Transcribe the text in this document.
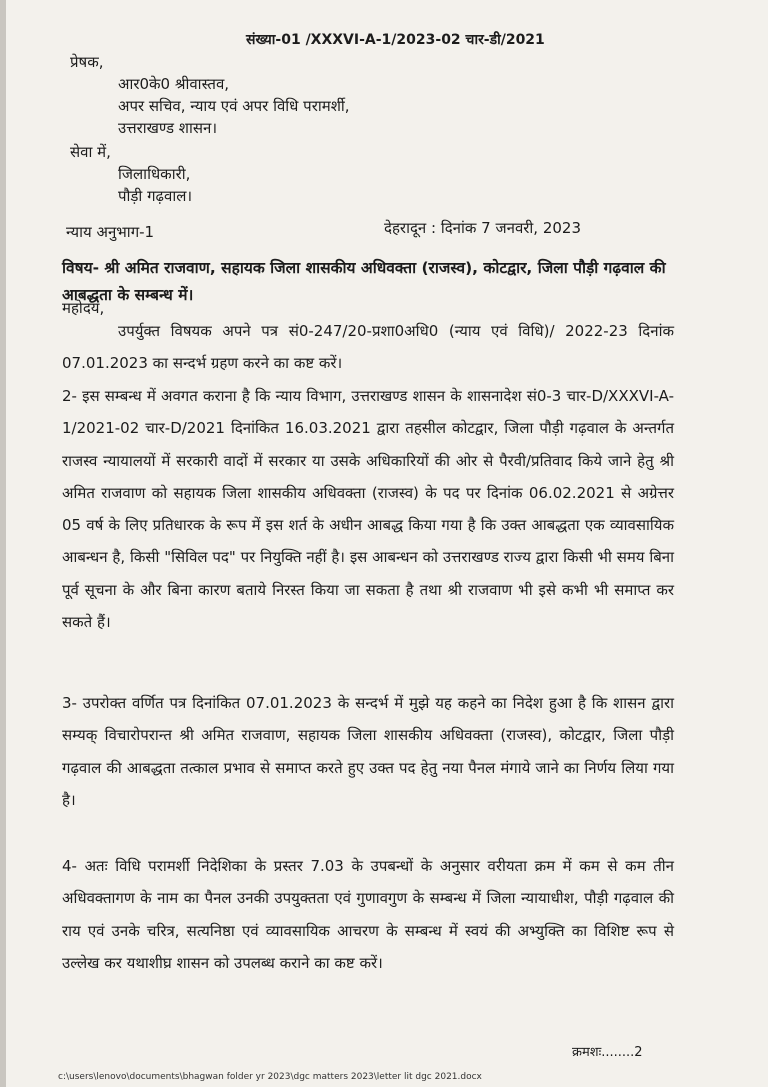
संख्या-01 /XXXVI-A-1/2023-02 चार-डी/2021
प्रेषक,
आर0के0 श्रीवास्तव,
अपर सचिव, न्याय एवं अपर विधि परामर्शी,
उत्तराखण्ड शासन।
सेवा में,
जिलाधिकारी,
पौड़ी गढ़वाल।
न्याय अनुभाग-1	देहरादून : दिनांक 7 जनवरी, 2023
विषय- श्री अमित राजवाण, सहायक जिला शासकीय अधिवक्ता (राजस्व), कोटद्वार, जिला पौड़ी गढ़वाल की आबद्धता के सम्बन्ध में।
महोदय,
उपर्युक्त विषयक अपने पत्र सं0-247/20-प्रशा0अधि0 (न्याय एवं विधि)/ 2022-23 दिनांक 07.01.2023 का सन्दर्भ ग्रहण करने का कष्ट करें।
2- इस सम्बन्ध में अवगत कराना है कि न्याय विभाग, उत्तराखण्ड शासन के शासनादेश सं0-3 चार-D/XXXVI-A-1/2021-02 चार-D/2021 दिनांकित 16.03.2021 द्वारा तहसील कोटद्वार, जिला पौड़ी गढ़वाल के अन्तर्गत राजस्व न्यायालयों में सरकारी वादों में सरकार या उसके अधिकारियों की ओर से पैरवी/प्रतिवाद किये जाने हेतु श्री अमित राजवाण को सहायक जिला शासकीय अधिवक्ता (राजस्व) के पद पर दिनांक 06.02.2021 से अग्रेत्तर 05 वर्ष के लिए प्रतिधारक के रूप में इस शर्त के अधीन आबद्ध किया गया है कि उक्त आबद्धता एक व्यावसायिक आबन्धन है, किसी "सिविल पद" पर नियुक्ति नहीं है। इस आबन्धन को उत्तराखण्ड राज्य द्वारा किसी भी समय बिना पूर्व सूचना के और बिना कारण बताये निरस्त किया जा सकता है तथा श्री राजवाण भी इसे कभी भी समाप्त कर सकते हैं।
3- उपरोक्त वर्णित पत्र दिनांकित 07.01.2023 के सन्दर्भ में मुझे यह कहने का निदेश हुआ है कि शासन द्वारा सम्यक् विचारोपरान्त श्री अमित राजवाण, सहायक जिला शासकीय अधिवक्ता (राजस्व), कोटद्वार, जिला पौड़ी गढ़वाल की आबद्धता तत्काल प्रभाव से समाप्त करते हुए उक्त पद हेतु नया पैनल मंगाये जाने का निर्णय लिया गया है।
4- अतः विधि परामर्शी निदेशिका के प्रस्तर 7.03 के उपबन्धों के अनुसार वरीयता क्रम में कम से कम तीन अधिवक्तागण के नाम का पैनल उनकी उपयुक्तता एवं गुणावगुण के सम्बन्ध में जिला न्यायाधीश, पौड़ी गढ़वाल की राय एवं उनके चरित्र, सत्यनिष्ठा एवं व्यावसायिक आचरण के सम्बन्ध में स्वयं की अभ्युक्ति का विशिष्ट रूप से उल्लेख कर यथाशीघ्र शासन को उपलब्ध कराने का कष्ट करें।
क्रमशः........2
c:\users\lenovo\documents\bhagwan folder yr 2023\dgc matters 2023\letter lit dgc 2021.docx
